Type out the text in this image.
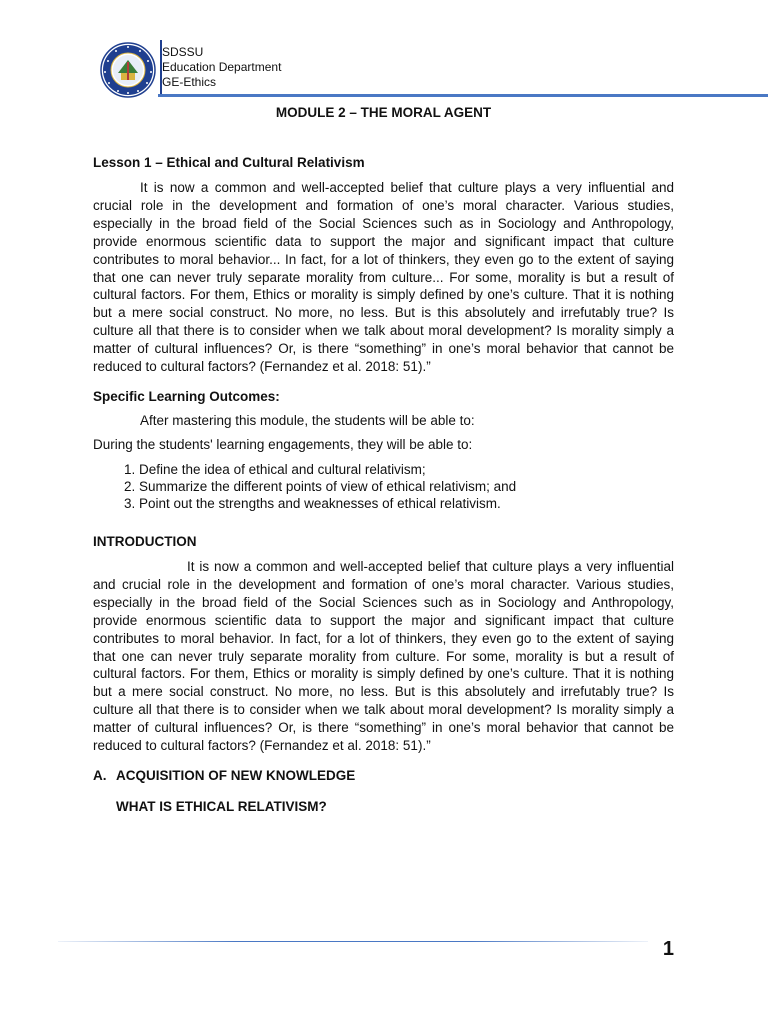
SDSSU
Education Department
GE-Ethics
MODULE 2 – THE MORAL AGENT
Lesson 1 – Ethical and Cultural Relativism

It is now a common and well-accepted belief that culture plays a very influential and crucial role in the development and formation of one’s moral character. Various studies, especially in the broad field of the Social Sciences such as in Sociology and Anthropology, provide enormous scientific data to support the major and significant impact that culture contributes to moral behavior... In fact, for a lot of thinkers, they even go to the extent of saying that one can never truly separate morality from culture... For some, morality is but a result of cultural factors. For them, Ethics or morality is simply defined by one’s culture. That it is nothing but a mere social construct. No more, no less. But is this absolutely and irrefutably true? Is culture all that there is to consider when we talk about moral development? Is morality simply a matter of cultural influences? Or, is there “something” in one’s moral behavior that cannot be reduced to cultural factors? (Fernandez et al. 2018: 51).”

Specific Learning Outcomes:
After mastering this module, the students will be able to:
During the students' learning engagements, they will be able to:
1. Define the idea of ethical and cultural relativism;
2. Summarize the different points of view of ethical relativism; and
3. Point out the strengths and weaknesses of ethical relativism.
INTRODUCTION

It is now a common and well-accepted belief that culture plays a very influential and crucial role in the development and formation of one’s moral character. Various studies, especially in the broad field of the Social Sciences such as in Sociology and Anthropology, provide enormous scientific data to support the major and significant impact that culture contributes to moral behavior. In fact, for a lot of thinkers, they even go to the extent of saying that one can never truly separate morality from culture. For some, morality is but a result of cultural factors. For them, Ethics or morality is simply defined by one’s culture. That it is nothing but a mere social construct. No more, no less. But is this absolutely and irrefutably true? Is culture all that there is to consider when we talk about moral development? Is morality simply a matter of cultural influences? Or, is there “something” in one’s moral behavior that cannot be reduced to cultural factors? (Fernandez et al. 2018: 51).”

A. ACQUISITION OF NEW KNOWLEDGE
WHAT IS ETHICAL RELATIVISM?
1
